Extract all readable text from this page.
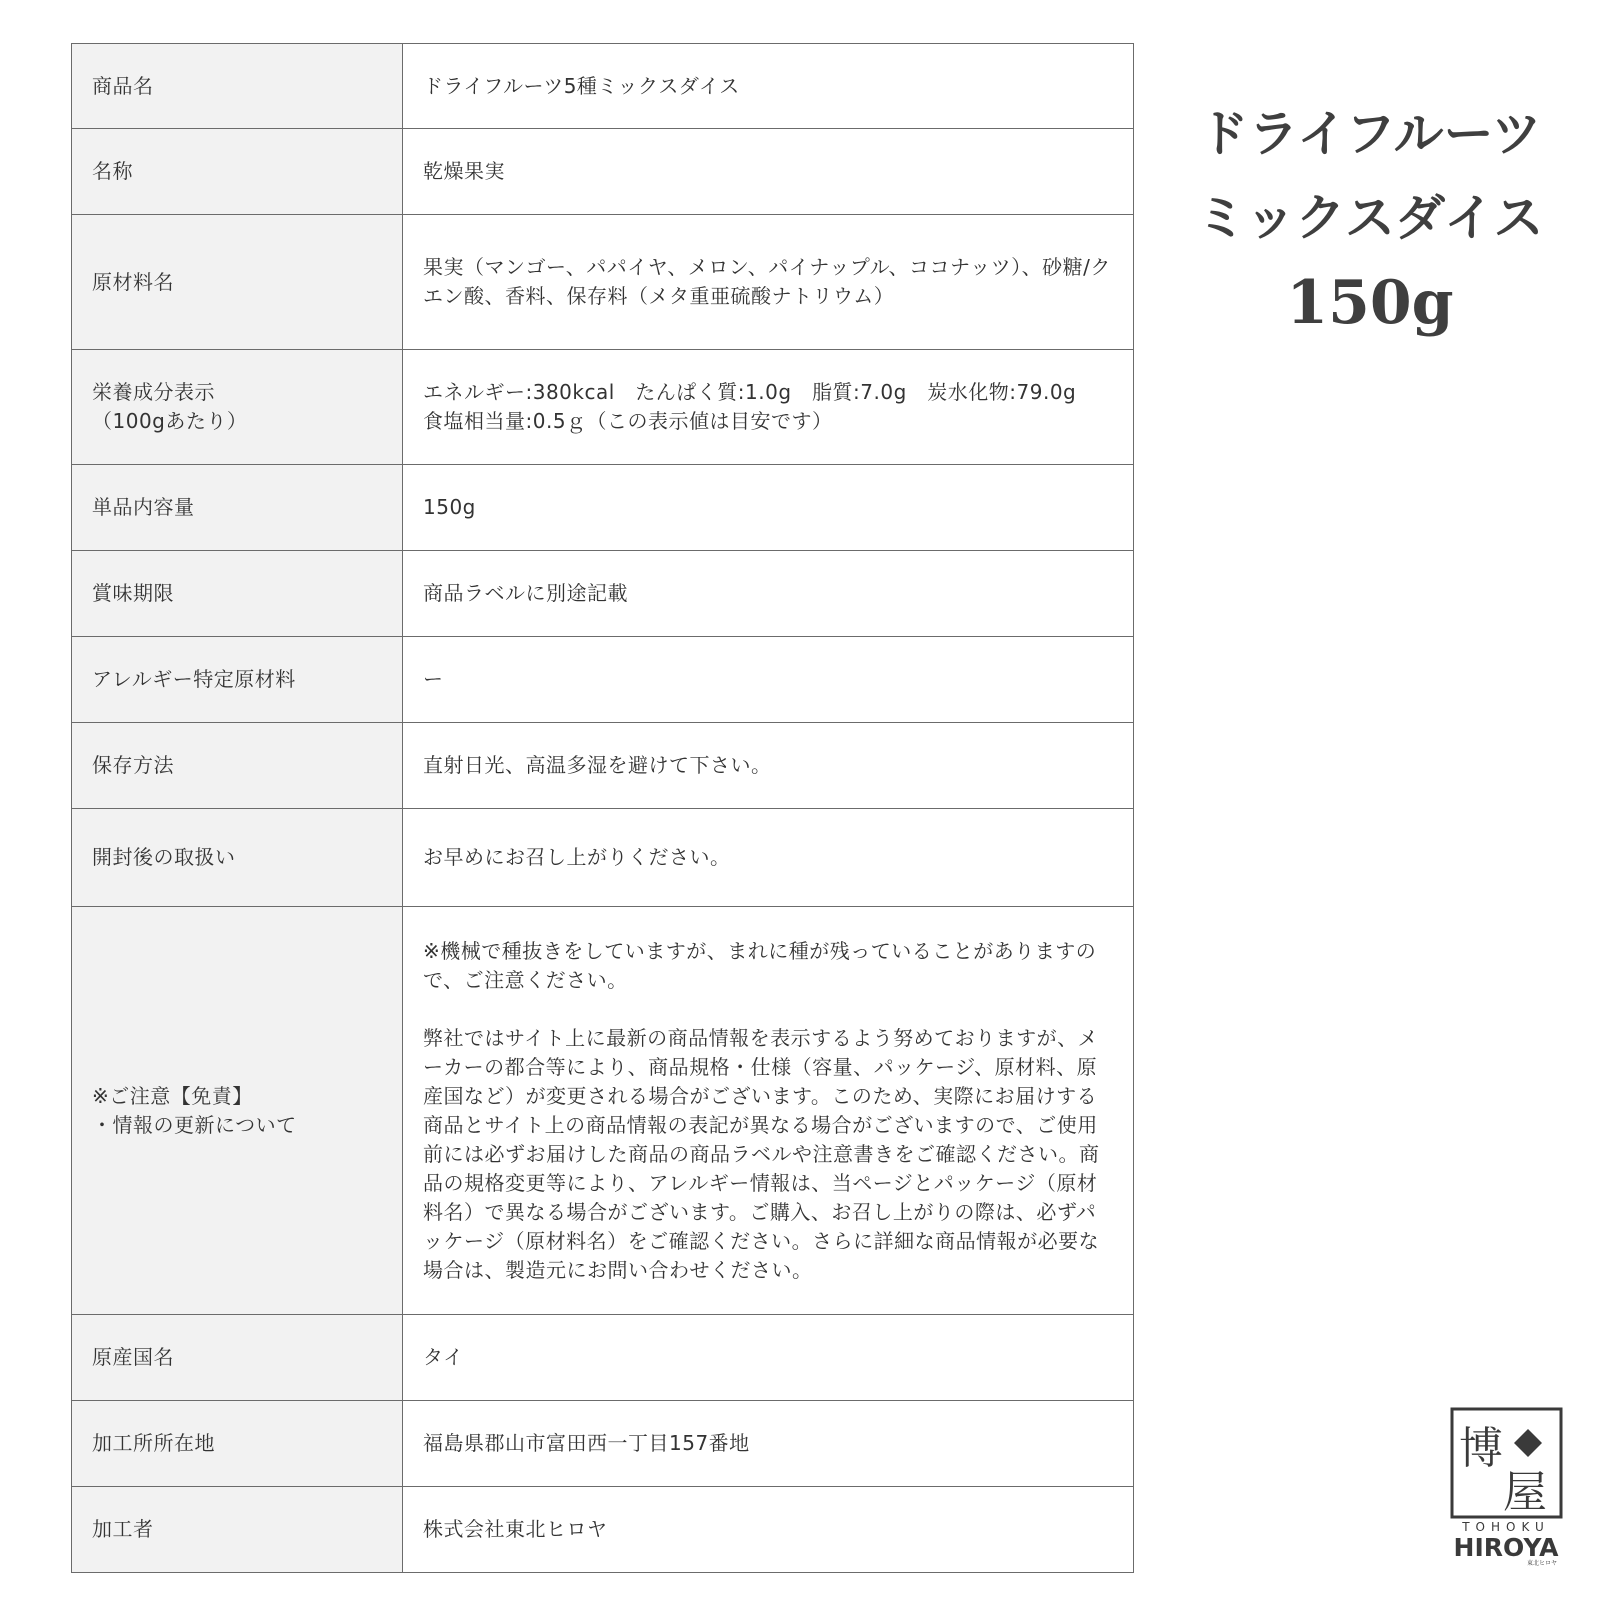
商品名	ドライフルーツ5種ミックスダイス
名称	乾燥果実
原材料名	果実（マンゴー、パパイヤ、メロン、パイナップル、ココナッツ）、砂糖/クエン酸、香料、保存料（メタ重亜硫酸ナトリウム）
栄養成分表示
（100gあたり）	エネルギー:380kcal　たんぱく質:1.0g　脂質:7.0g　炭水化物:79.0g　食塩相当量:0.5ｇ（この表示値は目安です）
単品内容量	150g
賞味期限	商品ラベルに別途記載
アレルギー特定原材料	ー
保存方法	直射日光、高温多湿を避けて下さい。
開封後の取扱い	お早めにお召し上がりください。
※ご注意【免責】
・情報の更新について	※機械で種抜きをしていますが、まれに種が残っていることがありますので、ご注意ください。

弊社ではサイト上に最新の商品情報を表示するよう努めておりますが、メーカーの都合等により、商品規格・仕様（容量、パッケージ、原材料、原産国など）が変更される場合がございます。このため、実際にお届けする商品とサイト上の商品情報の表記が異なる場合がございますので、ご使用前には必ずお届けした商品の商品ラベルや注意書きをご確認ください。商品の規格変更等により、アレルギー情報は、当ページとパッケージ（原材料名）で異なる場合がございます。ご購入、お召し上がりの際は、必ずパッケージ（原材料名）をご確認ください。さらに詳細な商品情報が必要な場合は、製造元にお問い合わせください。
原産国名	タイ
加工所所在地	福島県郡山市富田西一丁目157番地
加工者	株式会社東北ヒロヤ
ドライフルーツ
ミックスダイス
150g
博
屋
TOHOKU
HIROYA
東北ヒロヤ
